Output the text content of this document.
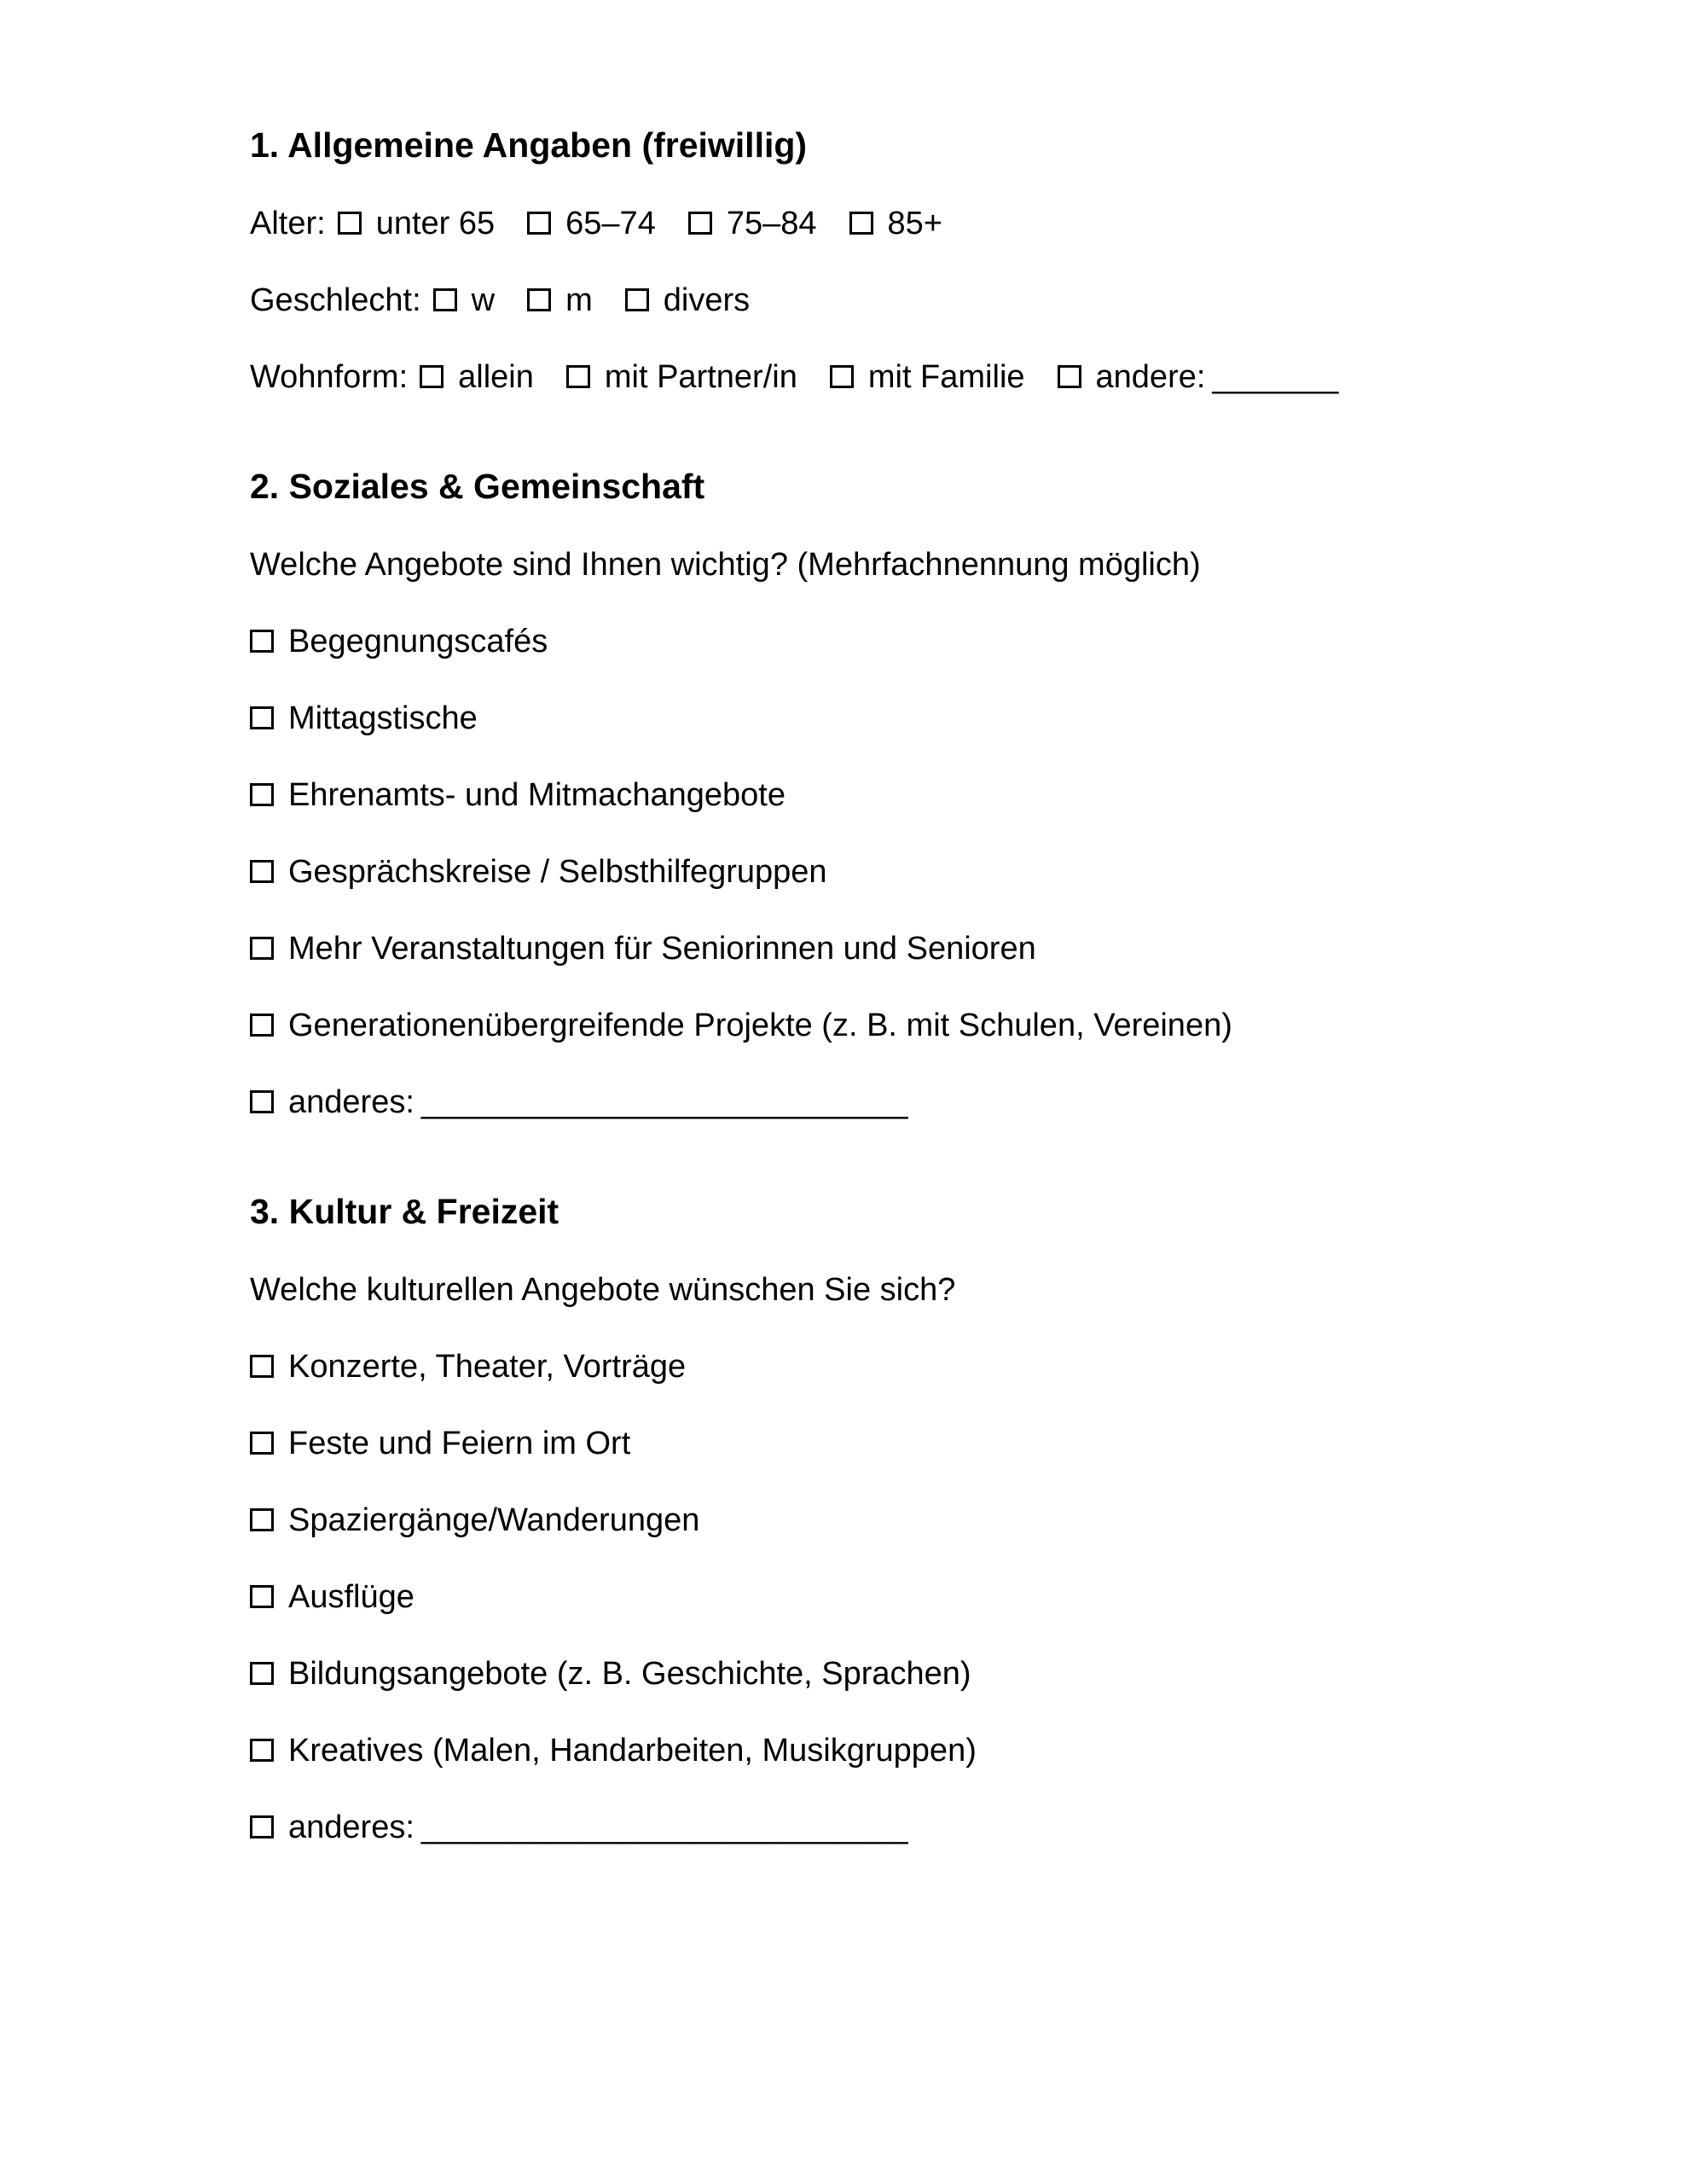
1. Allgemeine Angaben (freiwillig)

Alter: unter 65 65–74 75–84 85+

Geschlecht: w m divers

Wohnform: allein mit Partner/in mit Familie andere: _______

2. Soziales & Gemeinschaft

Welche Angebote sind Ihnen wichtig? (Mehrfachnennung möglich)

Begegnungscafés

Mittagstische

Ehrenamts- und Mitmachangebote

Gesprächskreise / Selbsthilfegruppen

Mehr Veranstaltungen für Seniorinnen und Senioren

Generationenübergreifende Projekte (z. B. mit Schulen, Vereinen)

anderes: ___________________________

3. Kultur & Freizeit

Welche kulturellen Angebote wünschen Sie sich?

Konzerte, Theater, Vorträge

Feste und Feiern im Ort

Spaziergänge/Wanderungen

Ausflüge

Bildungsangebote (z. B. Geschichte, Sprachen)

Kreatives (Malen, Handarbeiten, Musikgruppen)

anderes: ___________________________
